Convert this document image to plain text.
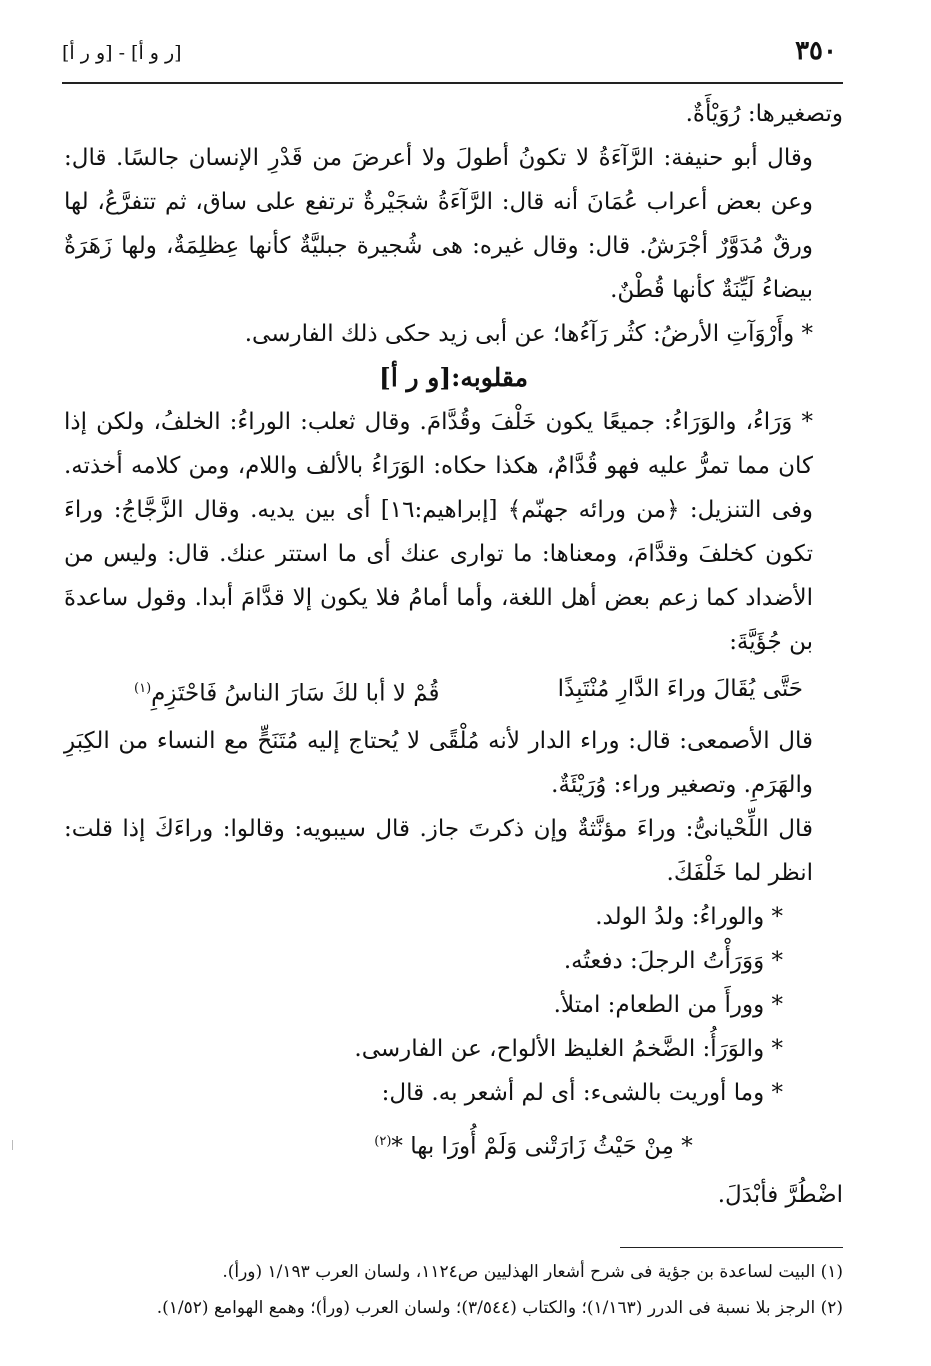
٣٥٠
[ر و أ] - [و ر أ]

وتصغيرها: رُوَيْأَةٌ.

وقال أبو حنيفة: الرَّآءَةُ لا تكونُ أطولَ ولا أعرضَ من قَدْرِ الإنسان جالسًا. قال: وعن بعض أعراب عُمَانَ أنه قال: الرَّآءَةُ شجَيْرةٌ ترتفع على ساق، ثم تتفرَّعُ، لها ورقٌ مُدَوَّرٌ أجْرَشُ. قال: وقال غيره: هى شُجيرة جبليَّةٌ كأنها عِظلِمَةٌ، ولها زَهَرَةٌ بيضاءُ لَيِّنَةٌ كأنها قُطْنٌ.

* وأَرْوَآتِ الأرضُ: كثُر رَآءُها؛ عن أبى زيد حكى ذلك الفارسى.

مقلوبه:[و ر أ]

* وَرَاءُ، والوَرَاءُ: جميعًا يكون خَلْفَ وقُدَّامَ. وقال ثعلب: الوراءُ: الخلفُ، ولكن إذا كان مما تمرُّ عليه فهو قُدَّامٌ، هكذا حكاه: الوَرَاءُ بالألف واللام، ومن كلامه أخذته. وفى التنزيل: ﴿من ورائه جهنّم﴾ [إبراهيم:١٦] أى بين يديه. وقال الزَّجَّاجُ: وراءَ تكون كخلفَ وقدَّامَ، ومعناها: ما توارى عنك أى ما استتر عنك. قال: وليس من الأضداد كما زعم بعض أهل اللغة، وأما أمامُ فلا يكون إلا قدَّامَ أبدا. وقول ساعدةَ بن جُؤَيَّةَ:

حَتَّى يُقَالَ وراءَ الدَّارِ مُنْتَبِذًا
قُمْ لا أبا لكَ سَارَ الناسُ فَاحْتَزِمِ$^{(١)}$

قال الأصمعى: قال: وراء الدار لأنه مُلْقًى لا يُحتاج إليه مُتَنَحٍّ مع النساء من الكِبَرِ والهَرَمِ. وتصغير وراء: وُرَيْئَةٌ.

قال اللِّحْيانىُّ: وراءَ مؤنَّثةٌ وإن ذكرتَ جاز. قال سيبويه: وقالوا: وراءَكَ إذا قلت: انظر لما خَلْفَكَ.

* والوراءُ: ولدُ الولد.

* وَوَرَأْتُ الرجلَ: دفعتُه.

* وورأَ من الطعام: امتلأ.

* والوَرَأُ: الضَّخمُ الغليظ الألواح، عن الفارسى.

* وما أوريت بالشىء: أى لم أشعر به. قال:

* مِنْ حَيْثُ زَارَتْنى وَلَمْ أُورَا بها *$^{(٢)}$

اضْطُرَّ فأبْدَلَ.

(١) البيت لساعدة بن جؤية فى شرح أشعار الهذليين ص١١٢٤، ولسان العرب ١/١٩٣ (ورأ).

(٢) الرجز بلا نسبة فى الدرر (١/١٦٣)؛ والكتاب (٣/٥٤٤)؛ ولسان العرب (ورأ)؛ وهمع الهوامع (١/٥٢).
